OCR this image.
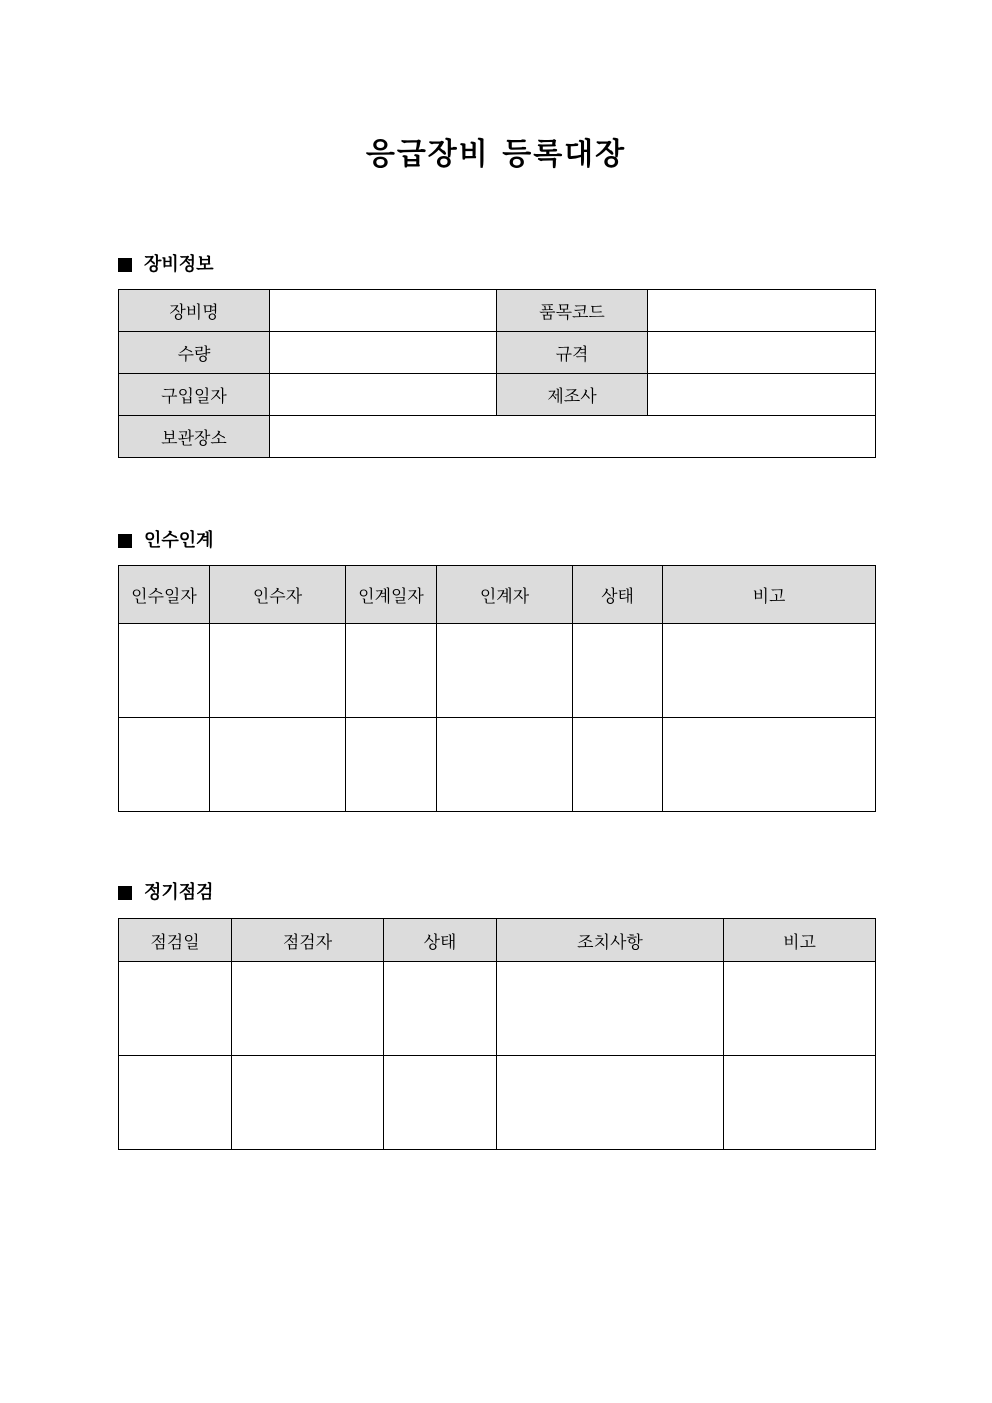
응급장비 등록대장
장비정보
장비명		품목코드	
수량		규격	
구입일자		제조사	
보관장소			
인수인계
인수일자	인수자	인계일자	인계자	상태	비고

정기점검
점검일	점검자	상태	조치사항	비고
